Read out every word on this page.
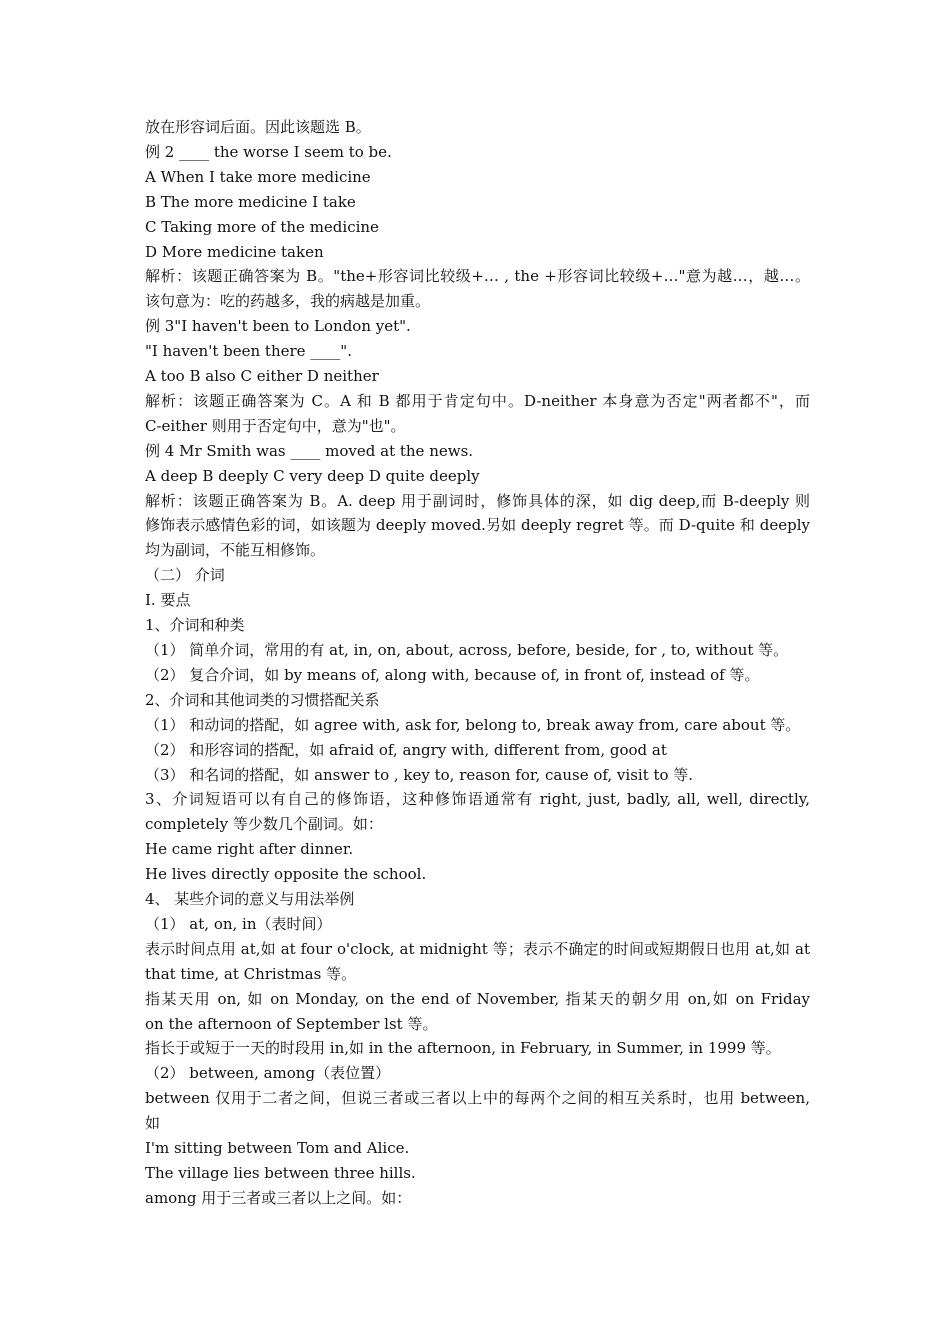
放在形容词后面。因此该题选 B。

例 2 ____ the worse I seem to be.

A When I take more medicine

B The more medicine I take

C Taking more of the medicine

D More medicine taken

解析：该题正确答案为 B。"the+形容词比较级+… , the +形容词比较级+…"意为越…，越…。

该句意为：吃的药越多，我的病越是加重。

例 3"I haven't been to London yet".

"I haven't been there ____".

A too B also C either D neither

解析：该题正确答案为 C。A 和 B 都用于肯定句中。D-neither 本身意为否定"两者都不"，而

C-either 则用于否定句中，意为"也"。

例 4 Mr Smith was ____ moved at the news.

A deep B deeply C very deep D quite deeply

解析：该题正确答案为 B。A. deep 用于副词时，修饰具体的深，如 dig deep,而 B-deeply 则

修饰表示感情色彩的词，如该题为 deeply moved.另如 deeply regret 等。而 D-quite 和 deeply

均为副词，不能互相修饰。

（二） 介词

I. 要点

1、介词和种类

（1） 简单介词，常用的有 at, in, on, about, across, before, beside, for , to, without 等。

（2） 复合介词，如 by means of, along with, because of, in front of, instead of 等。

2、介词和其他词类的习惯搭配关系

（1） 和动词的搭配，如 agree with, ask for, belong to, break away from, care about 等。

（2） 和形容词的搭配，如 afraid of, angry with, different from, good at

（3） 和名词的搭配，如 answer to , key to, reason for, cause of, visit to 等.

3、介词短语可以有自己的修饰语，这种修饰语通常有 right, just, badly, all, well, directly,

completely 等少数几个副词。如：

He came right after dinner.

He lives directly opposite the school.

4、 某些介词的意义与用法举例

（1） at, on, in（表时间）

表示时间点用 at,如 at four o'clock, at midnight 等；表示不确定的时间或短期假日也用 at,如 at

that time, at Christmas 等。

指某天用 on, 如 on Monday, on the end of November, 指某天的朝夕用 on,如 on Friday

on the afternoon of September lst 等。

指长于或短于一天的时段用 in,如 in the afternoon, in February, in Summer, in 1999 等。

（2） between, among（表位置）

between 仅用于二者之间，但说三者或三者以上中的每两个之间的相互关系时，也用 between,

如

I'm sitting between Tom and Alice.

The village lies between three hills.

among 用于三者或三者以上之间。如：
